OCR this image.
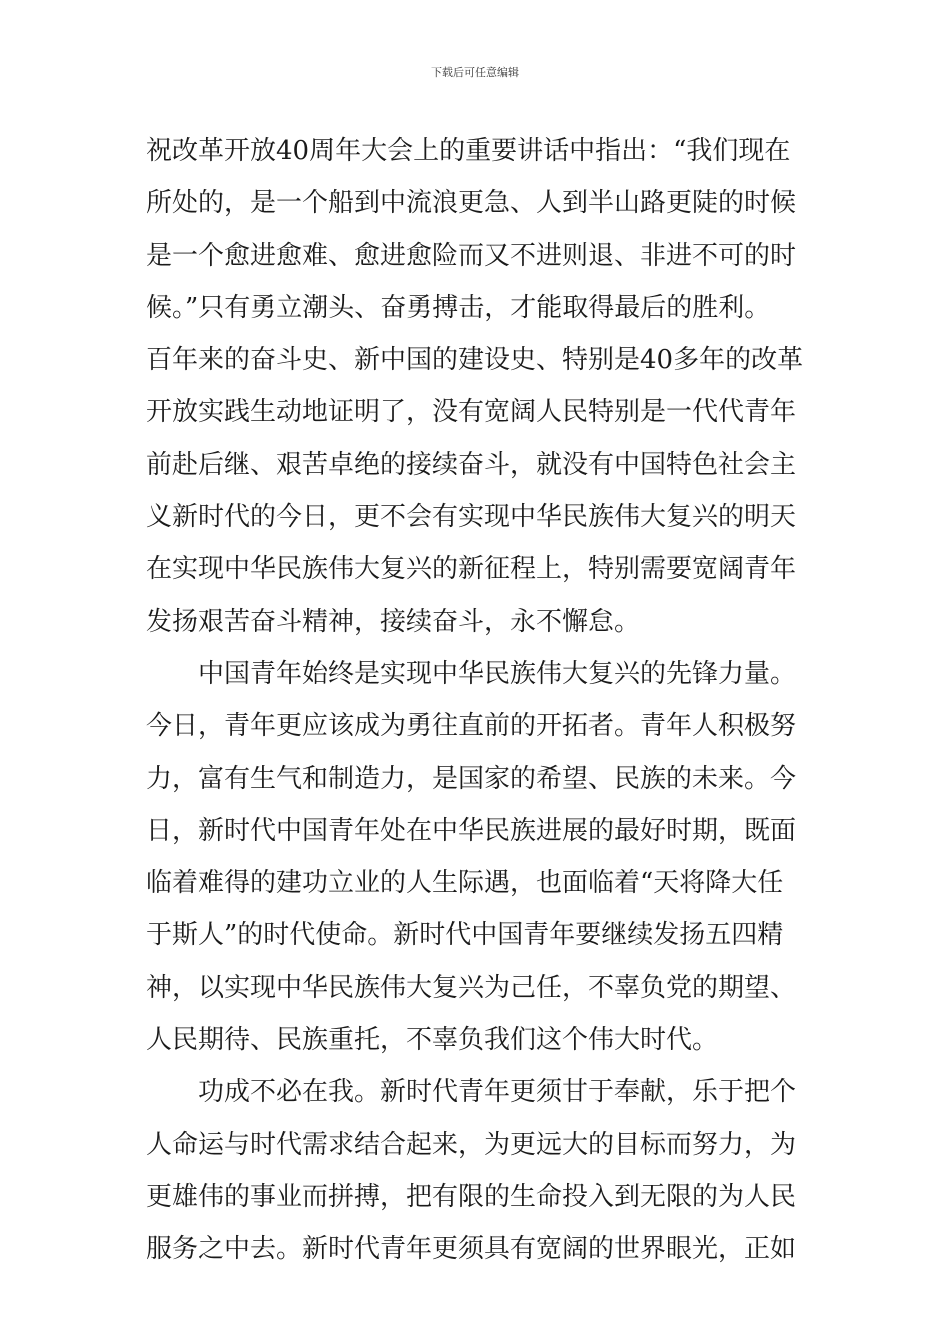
下载后可任意编辑
祝改革开放40周年大会上的重要讲话中指出：“我们现在
所处的，是一个船到中流浪更急、人到半山路更陡的时候
是一个愈进愈难、愈进愈险而又不进则退、非进不可的时
候。”只有勇立潮头、奋勇搏击，才能取得最后的胜利。
百年来的奋斗史、新中国的建设史、特别是40多年的改革
开放实践生动地证明了，没有宽阔人民特别是一代代青年
前赴后继、艰苦卓绝的接续奋斗，就没有中国特色社会主
义新时代的今日，更不会有实现中华民族伟大复兴的明天
在实现中华民族伟大复兴的新征程上，特别需要宽阔青年
发扬艰苦奋斗精神，接续奋斗，永不懈怠。
中国青年始终是实现中华民族伟大复兴的先锋力量。
今日，青年更应该成为勇往直前的开拓者。青年人积极努
力，富有生气和制造力，是国家的希望、民族的未来。今
日，新时代中国青年处在中华民族进展的最好时期，既面
临着难得的建功立业的人生际遇，也面临着“天将降大任
于斯人”的时代使命。新时代中国青年要继续发扬五四精
神，以实现中华民族伟大复兴为己任，不辜负党的期望、
人民期待、民族重托，不辜负我们这个伟大时代。
功成不必在我。新时代青年更须甘于奉献，乐于把个
人命运与时代需求结合起来，为更远大的目标而努力，为
更雄伟的事业而拼搏，把有限的生命投入到无限的为人民
服务之中去。新时代青年更须具有宽阔的世界眼光，正如
